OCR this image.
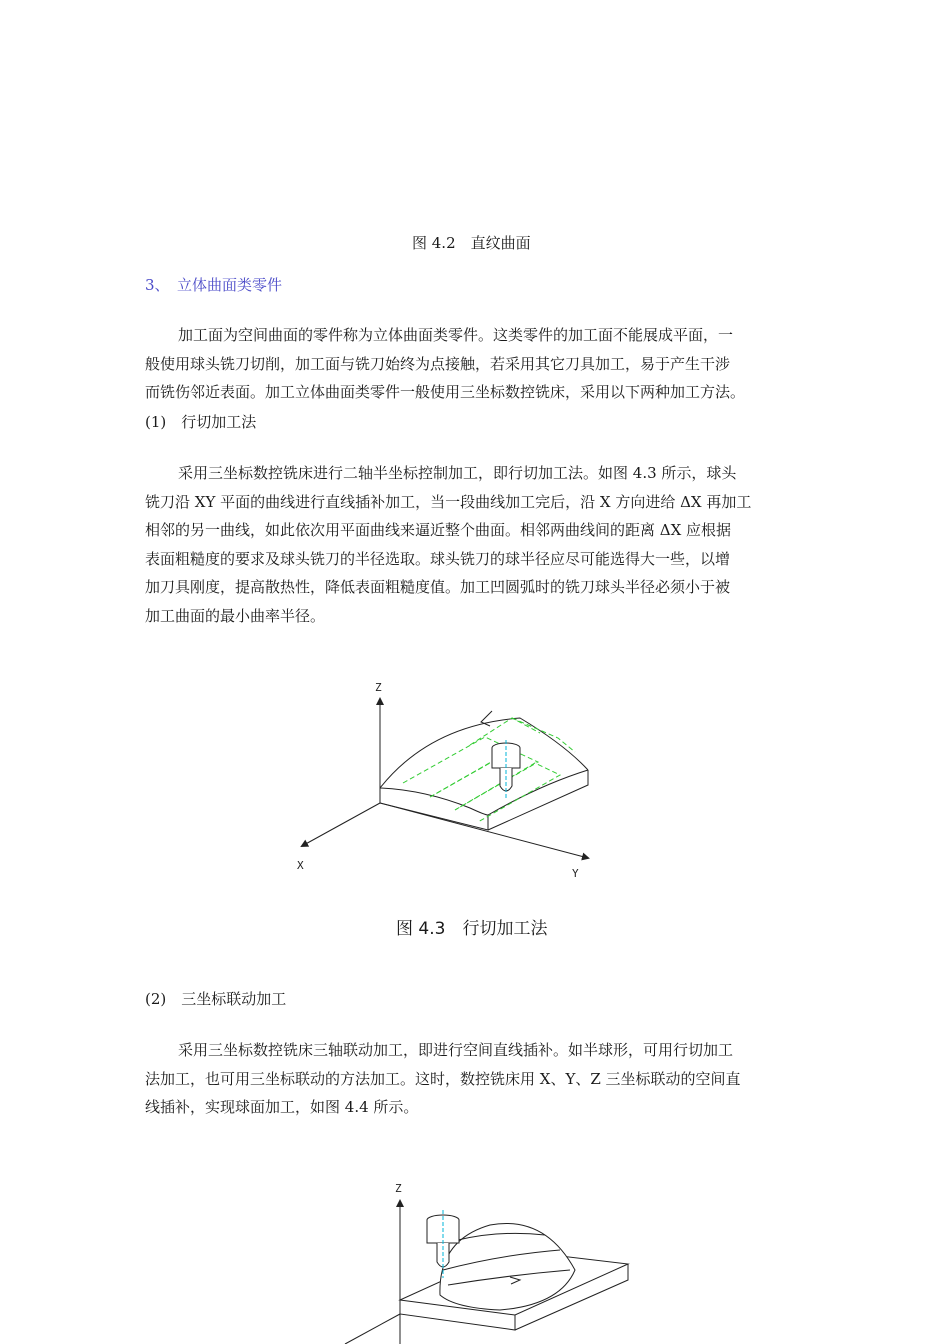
图 4.2　直纹曲面
3、　立体曲面类零件
加工面为空间曲面的零件称为立体曲面类零件。这类零件的加工面不能展成平面，一
般使用球头铣刀切削，加工面与铣刀始终为点接触，若采用其它刀具加工，易于产生干涉
而铣伤邻近表面。加工立体曲面类零件一般使用三坐标数控铣床，采用以下两种加工方法。
(1)　行切加工法
采用三坐标数控铣床进行二轴半坐标控制加工，即行切加工法。如图 4.3 所示，球头
铣刀沿 XY 平面的曲线进行直线插补加工，当一段曲线加工完后，沿 X 方向进给 ΔX 再加工
相邻的另一曲线，如此依次用平面曲线来逼近整个曲面。相邻两曲线间的距离 ΔX 应根据
表面粗糙度的要求及球头铣刀的半径选取。球头铣刀的球半径应尽可能选得大一些，以增
加刀具刚度，提高散热性，降低表面粗糙度值。加工凹圆弧时的铣刀球头半径必须小于被
加工曲面的最小曲率半径。
Z
X
Y
图 4.3　行切加工法
(2)　三坐标联动加工
采用三坐标数控铣床三轴联动加工，即进行空间直线插补。如半球形，可用行切加工
法加工，也可用三坐标联动的方法加工。这时，数控铣床用 X、Y、Z 三坐标联动的空间直
线插补，实现球面加工，如图 4.4 所示。
Z
